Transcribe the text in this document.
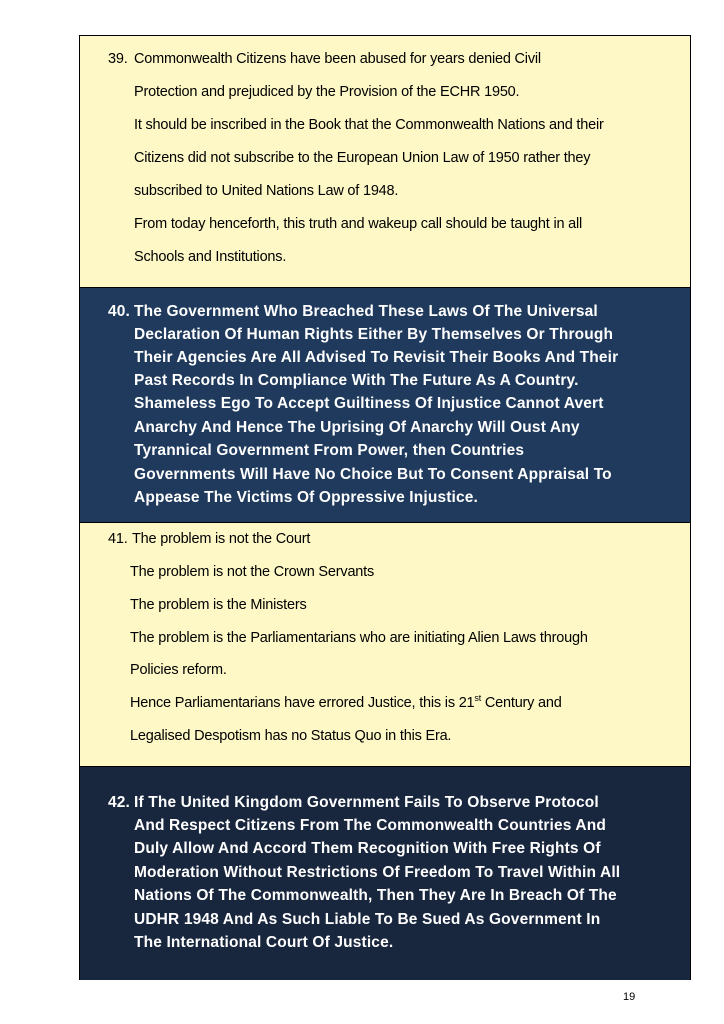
39. Commonwealth Citizens have been abused for years denied Civil
Protection and prejudiced by the Provision of the ECHR 1950.
It should be inscribed in the Book that the Commonwealth Nations and their
Citizens did not subscribe to the European Union Law of 1950 rather they
subscribed to United Nations Law of 1948.
From today henceforth, this truth and wakeup call should be taught in all
Schools and Institutions.
40. The Government Who Breached These Laws Of The Universal
Declaration Of Human Rights Either By Themselves Or Through
Their Agencies Are All Advised To Revisit Their Books And Their
Past Records In Compliance With The Future As A Country.
Shameless Ego To Accept Guiltiness Of Injustice Cannot Avert
Anarchy And Hence The Uprising Of Anarchy Will Oust Any
Tyrannical Government From Power, then Countries
Governments Will Have No Choice But To Consent Appraisal To
Appease The Victims Of Oppressive Injustice.
41. The problem is not the Court
The problem is not the Crown Servants
The problem is the Ministers
The problem is the Parliamentarians who are initiating Alien Laws through
Policies reform.
Hence Parliamentarians have errored Justice, this is 21st Century and
Legalised Despotism has no Status Quo in this Era.
42. If The United Kingdom Government Fails To Observe Protocol
And Respect Citizens From The Commonwealth Countries And
Duly Allow And Accord Them Recognition With Free Rights Of
Moderation Without Restrictions Of Freedom To Travel Within All
Nations Of The Commonwealth, Then They Are In Breach Of The
UDHR 1948 And As Such Liable To Be Sued As Government In
The International Court Of Justice.
19
